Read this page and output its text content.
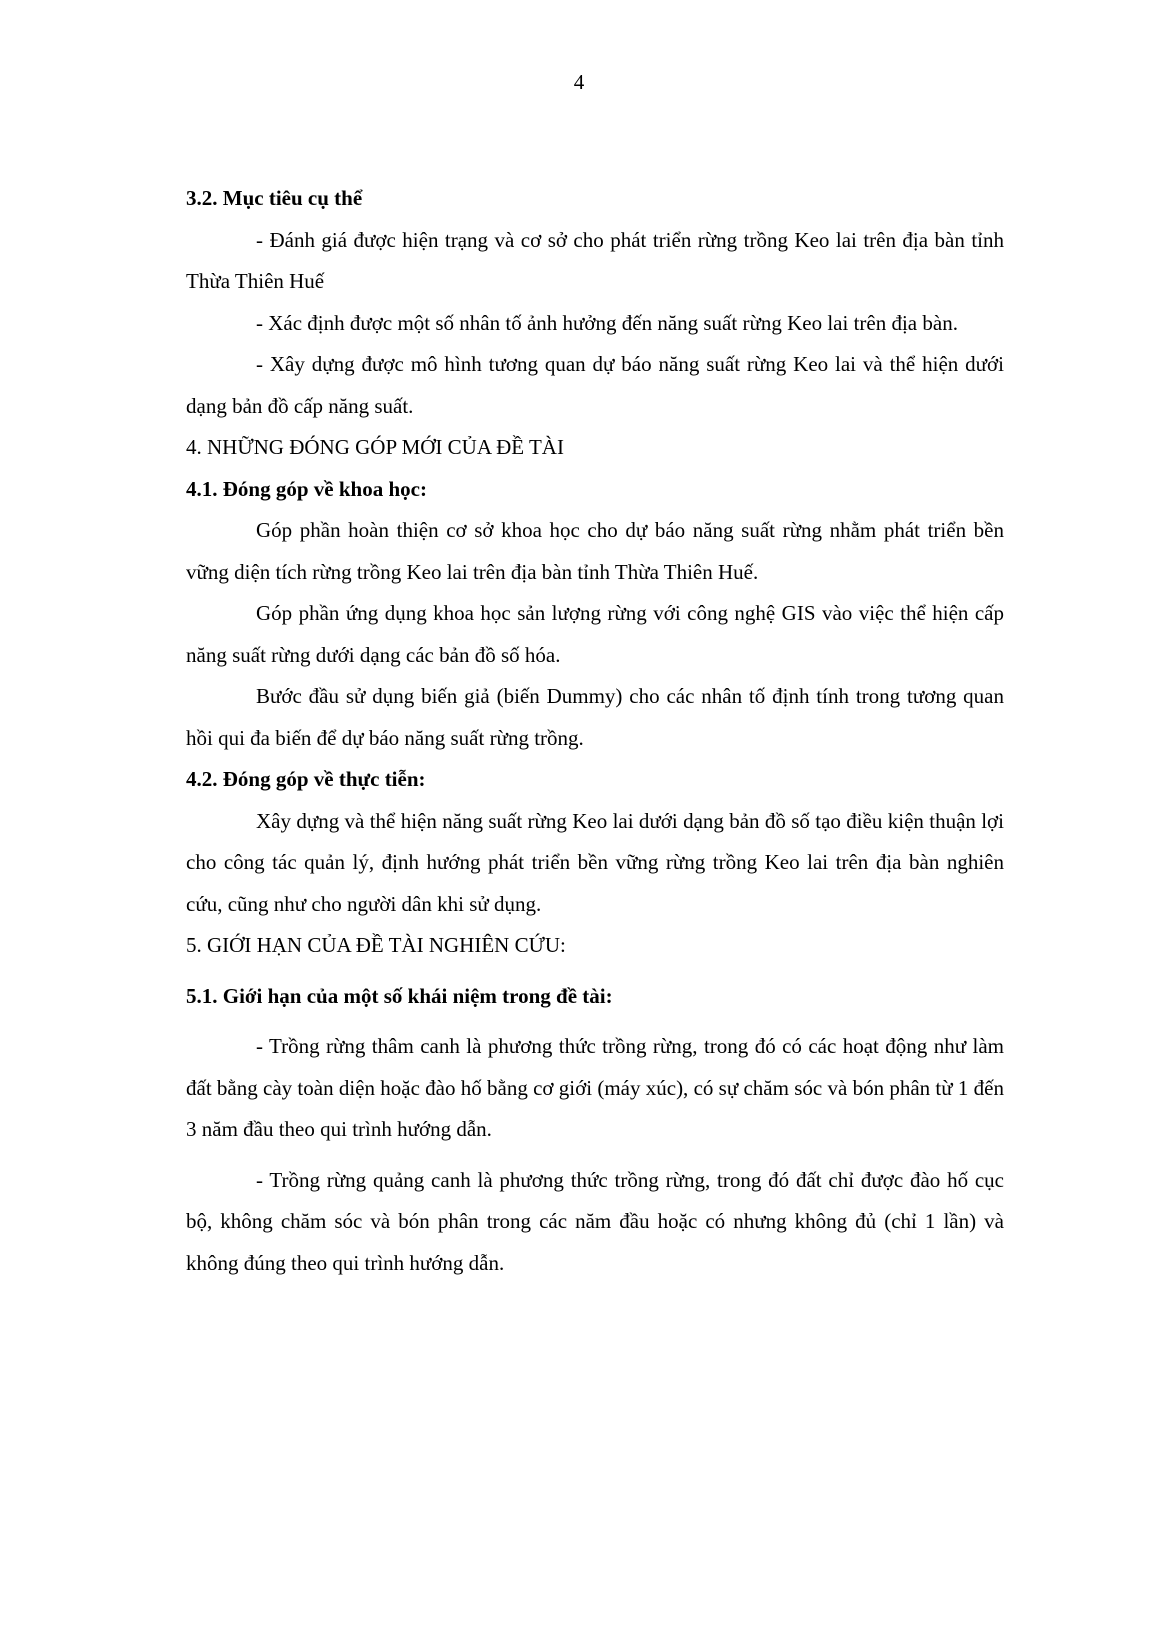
4

3.2. Mục tiêu cụ thể

- Đánh giá được hiện trạng và cơ sở cho phát triển rừng trồng Keo lai trên địa bàn tỉnh Thừa Thiên Huế

- Xác định được một số nhân tố ảnh hưởng đến năng suất rừng Keo lai trên địa bàn.

- Xây dựng được mô hình tương quan dự báo năng suất rừng Keo lai và thể hiện dưới dạng bản đồ cấp năng suất.

4. NHỮNG ĐÓNG GÓP MỚI CỦA ĐỀ TÀI

4.1. Đóng góp về khoa học:

Góp phần hoàn thiện cơ sở khoa học cho dự báo năng suất rừng nhằm phát triển bền vững diện tích rừng trồng Keo lai trên địa bàn tỉnh Thừa Thiên Huế.

Góp phần ứng dụng khoa học sản lượng rừng với công nghệ GIS vào việc thể hiện cấp năng suất rừng dưới dạng các bản đồ số hóa.

Bước đầu sử dụng biến giả (biến Dummy) cho các nhân tố định tính trong tương quan hồi qui đa biến để dự báo năng suất rừng trồng.

4.2. Đóng góp về thực tiễn:

Xây dựng và thể hiện năng suất rừng Keo lai dưới dạng bản đồ số tạo điều kiện thuận lợi cho công tác quản lý, định hướng phát triển bền vững rừng trồng Keo lai trên địa bàn nghiên cứu, cũng như cho người dân khi sử dụng.

5. GIỚI HẠN CỦA ĐỀ TÀI NGHIÊN CỨU:

5.1. Giới hạn của một số khái niệm trong đề tài:

- Trồng rừng thâm canh là phương thức trồng rừng, trong đó có các hoạt động như làm đất bằng cày toàn diện hoặc đào hố bằng cơ giới (máy xúc), có sự chăm sóc và bón phân từ 1 đến 3 năm đầu theo qui trình hướng dẫn.

- Trồng rừng quảng canh là phương thức trồng rừng, trong đó đất chỉ được đào hố cục bộ, không chăm sóc và bón phân trong các năm đầu hoặc có nhưng không đủ (chỉ 1 lần) và không đúng theo qui trình hướng dẫn.
